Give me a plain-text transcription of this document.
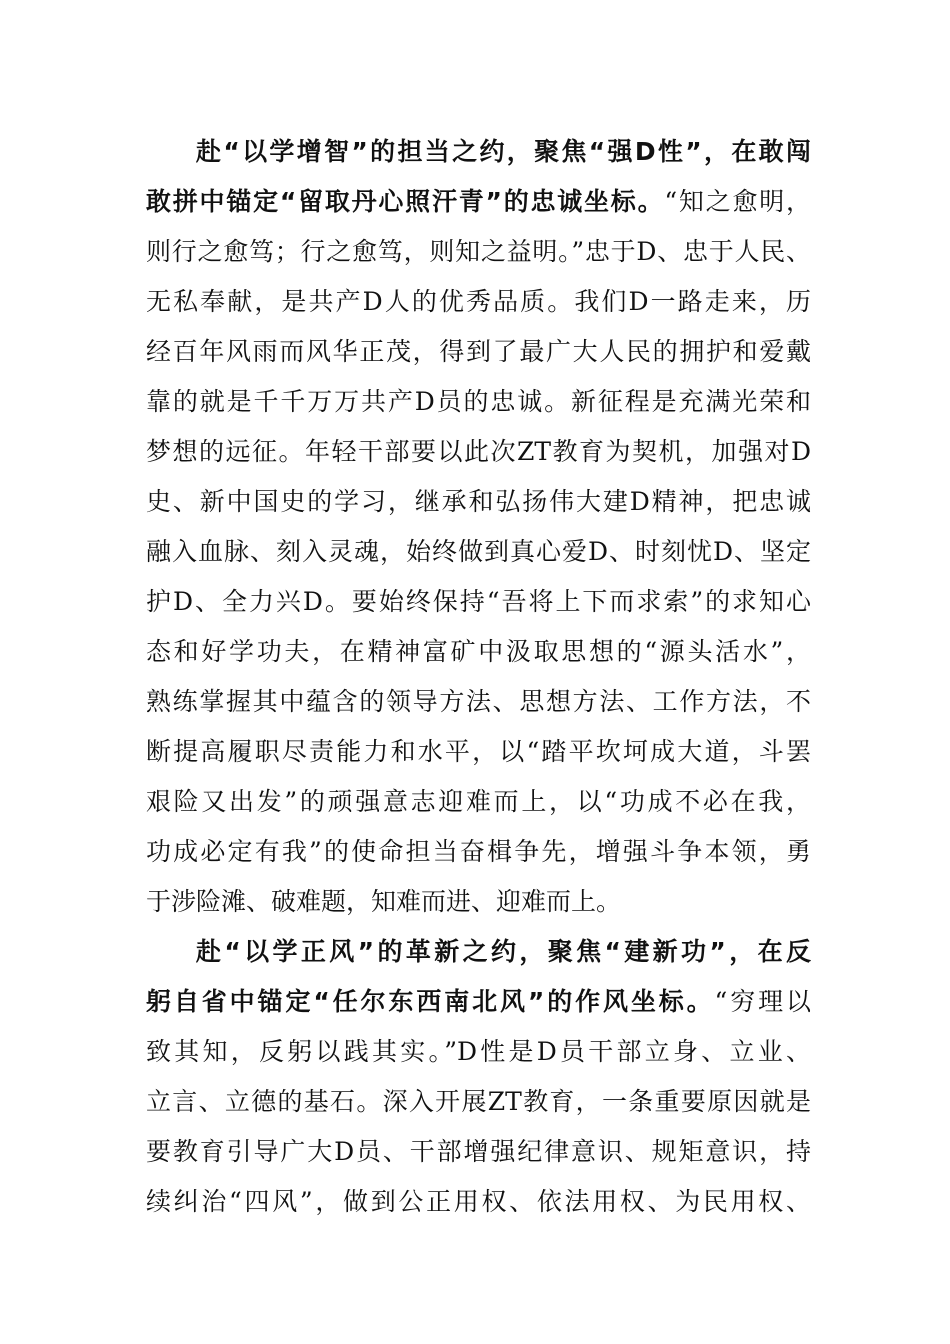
赴“以学增智”的担当之约，聚焦“强D性”，在敢闯
敢拼中锚定“留取丹心照汗青”的忠诚坐标。“知之愈明，
则行之愈笃；行之愈笃，则知之益明。”忠于D、忠于人民、
无私奉献，是共产D人的优秀品质。我们D一路走来，历
经百年风雨而风华正茂，得到了最广大人民的拥护和爱戴
靠的就是千千万万共产D员的忠诚。新征程是充满光荣和
梦想的远征。年轻干部要以此次ZT教育为契机，加强对D
史、新中国史的学习，继承和弘扬伟大建D精神，把忠诚
融入血脉、刻入灵魂，始终做到真心爱D、时刻忧D、坚定
护D、全力兴D。要始终保持“吾将上下而求索”的求知心
态和好学功夫，在精神富矿中汲取思想的“源头活水”，
熟练掌握其中蕴含的领导方法、思想方法、工作方法，不
断提高履职尽责能力和水平，以“踏平坎坷成大道，斗罢
艰险又出发”的顽强意志迎难而上，以“功成不必在我，
功成必定有我”的使命担当奋楫争先，增强斗争本领，勇
于涉险滩、破难题，知难而进、迎难而上。
赴“以学正风”的革新之约，聚焦“建新功”，在反
躬自省中锚定“任尔东西南北风”的作风坐标。“穷理以
致其知，反躬以践其实。”D性是D员干部立身、立业、
立言、立德的基石。深入开展ZT教育，一条重要原因就是
要教育引导广大D员、干部增强纪律意识、规矩意识，持
续纠治“四风”，做到公正用权、依法用权、为民用权、
